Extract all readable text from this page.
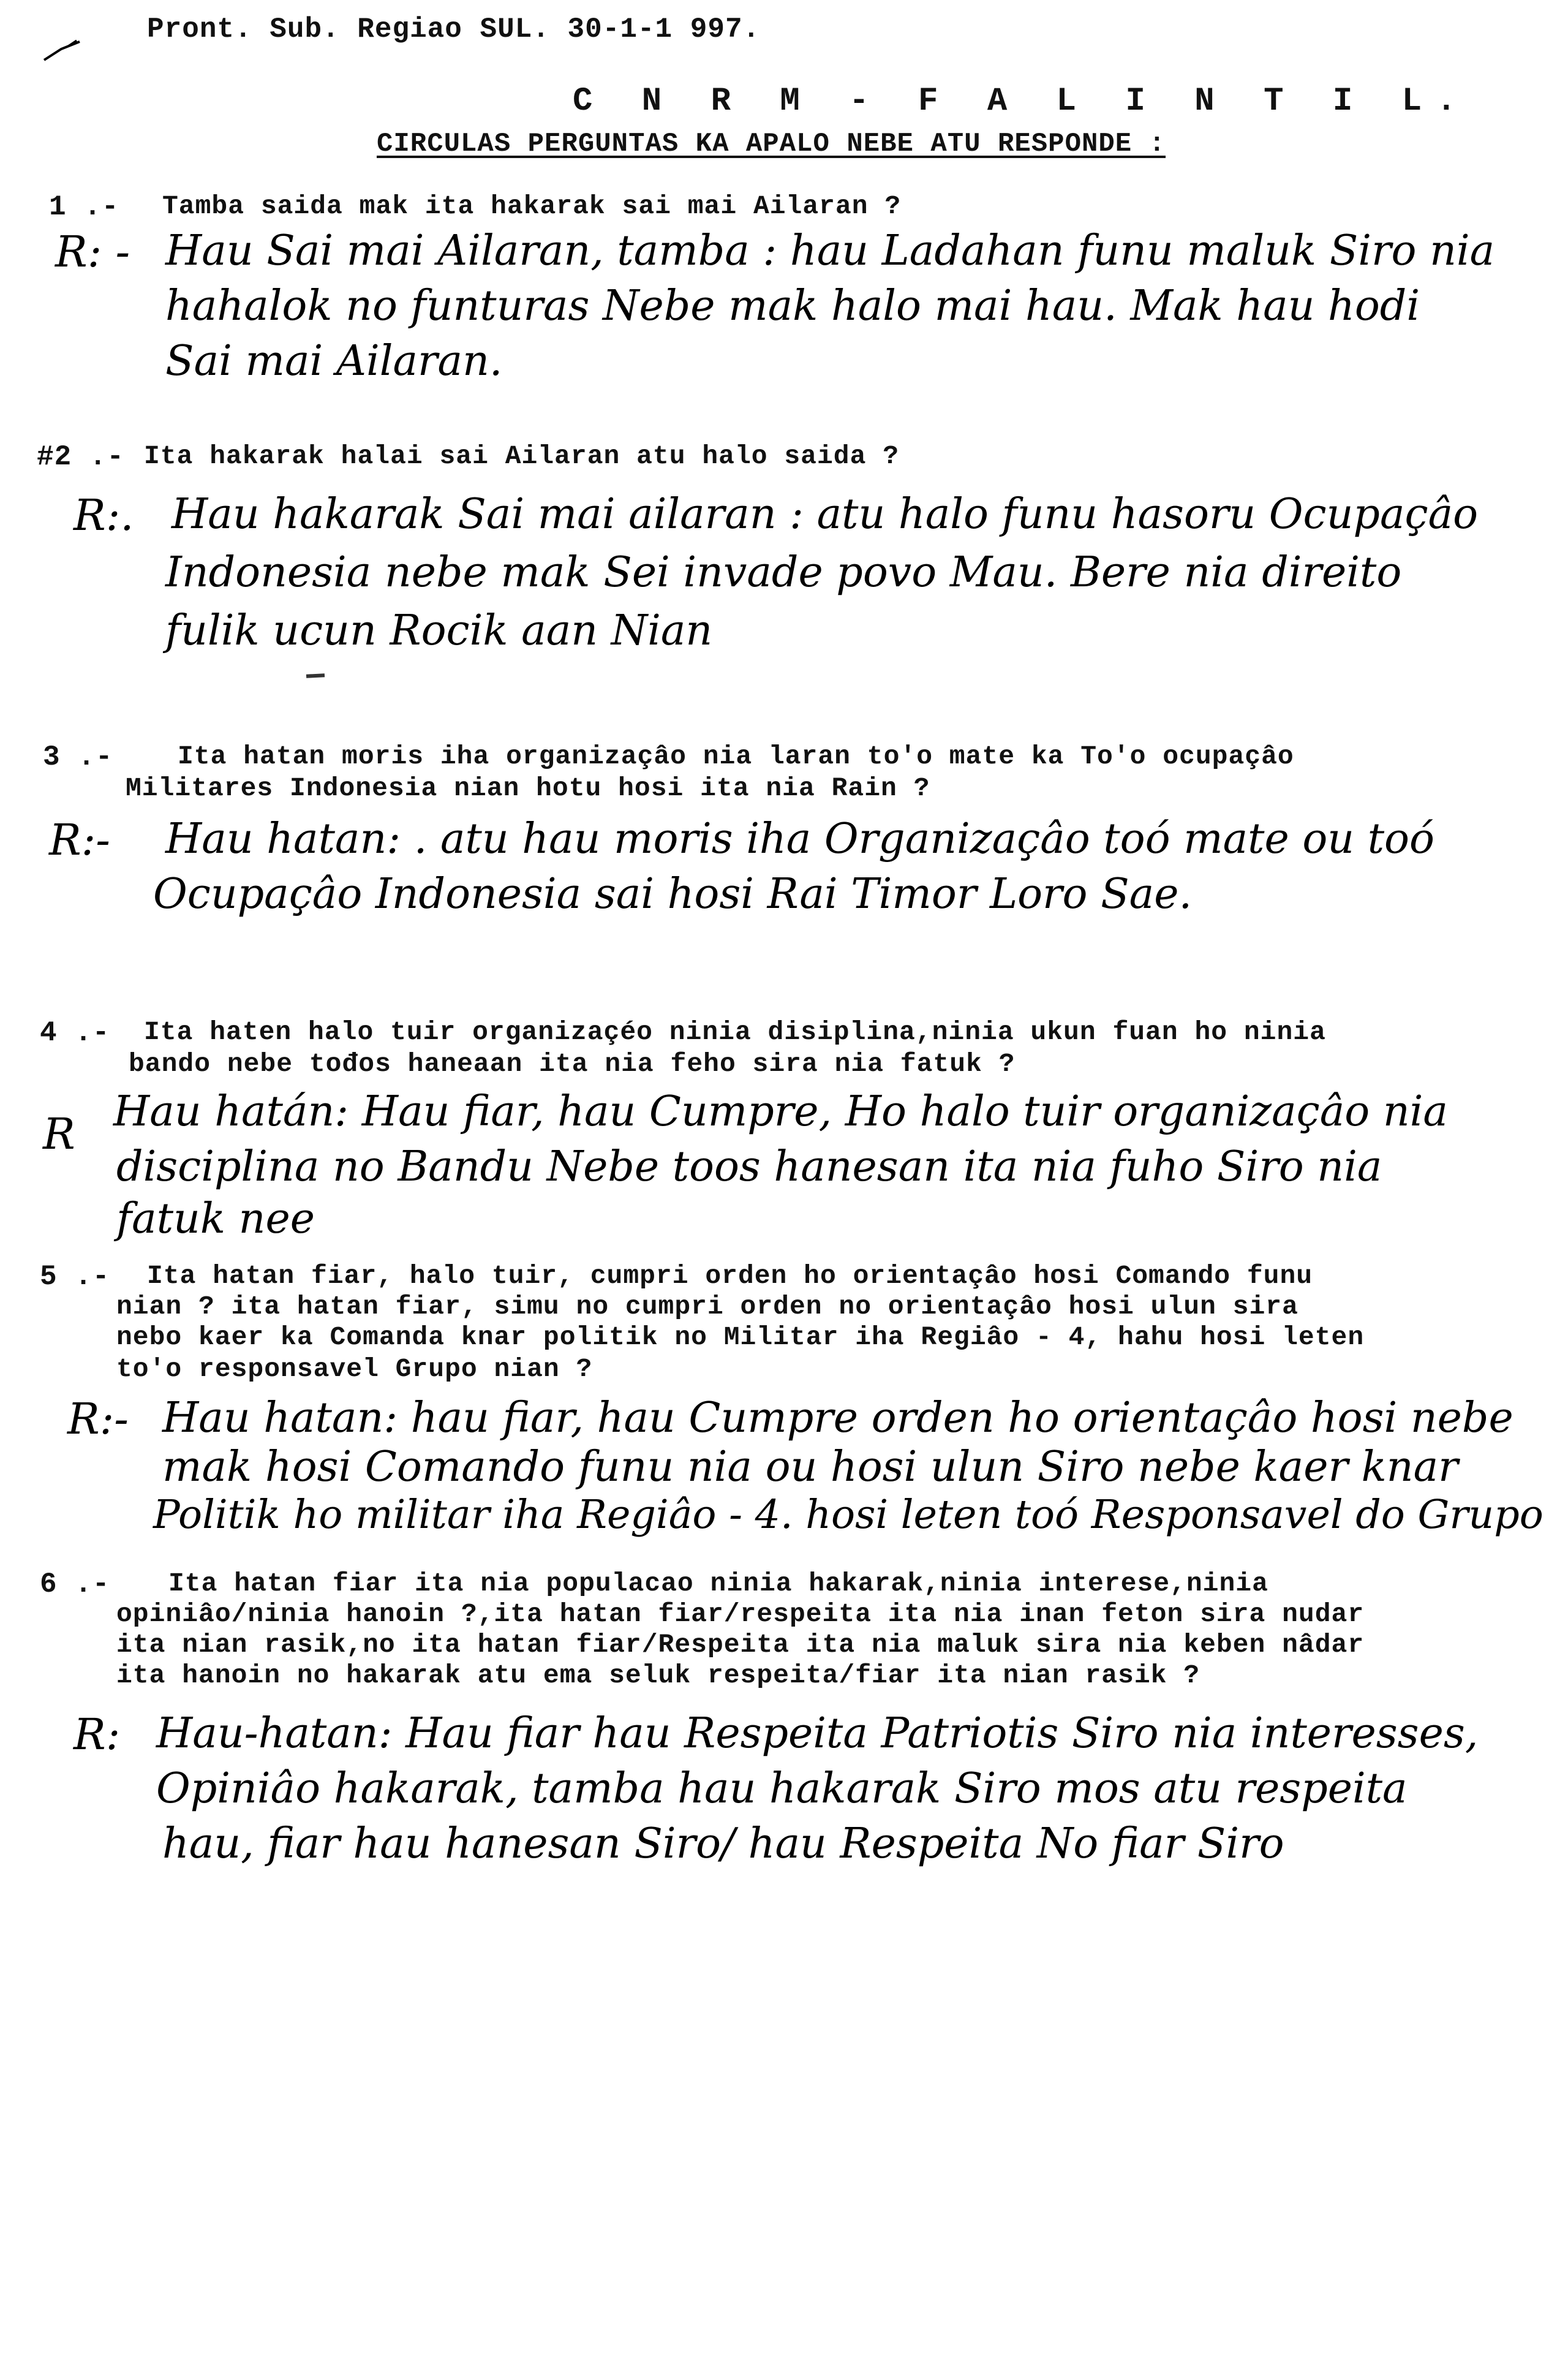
Pront. Sub. Regiao SUL. 30-1-1 997.
C N R M - F A L I N T I L.
CIRCULAS PERGUNTAS KA APALO NEBE ATU RESPONDE :
1 .- Tamba saida mak ita hakarak sai mai Ailaran ?
R: - Hau Sai mai Ailaran, tamba : hau Ladahan funu maluk Siro nia
hahalok no funturas Nebe mak halo mai hau. Mak hau hodi
Sai mai Ailaran.
#2 .- Ita hakarak halai sai Ailaran atu halo saida ?
R:. Hau hakarak Sai mai ailaran : atu halo funu hasoru Ocupaçâo
Indonesia nebe mak Sei invade povo Mau. Bere nia direito
fulik ucun Rocik aan Nian
3 .- Ita hatan moris iha organizaçâo nia laran to'o mate ka To'o ocupaçâo
Militares Indonesia nian hotu hosi ita nia Rain ?
R:- Hau hatan: . atu hau moris iha Organizaçâo toó mate ou toó
Ocupaçâo Indonesia sai hosi Rai Timor Loro Sae.
4 .- Ita haten halo tuir organizaçéo ninia disiplina,ninia ukun fuan ho ninia
bando nebe tođos haneaan ita nia feho sira nia fatuk ?
R Hau hatán: Hau fiar, hau Cumpre, Ho halo tuir organizaçâo nia
disciplina no Bandu Nebe toos hanesan ita nia fuho Siro nia
fatuk nee
5 .- Ita hatan fiar, halo tuir, cumpri orden ho orientaçâo hosi Comando funu
nian ? ita hatan fiar, simu no cumpri orden no orientaçâo hosi ulun sira
nebo kaer ka Comanda knar politik no Militar iha Regiâo - 4, hahu hosi leten
to'o responsavel Grupo nian ?
R:- Hau hatan: hau fiar, hau Cumpre orden ho orientaçâo hosi nebe
mak hosi Comando funu nia ou hosi ulun Siro nebe kaer knar
Politik ho militar iha Regiâo - 4. hosi leten toó Responsavel do Grupo
6 .- Ita hatan fiar ita nia populacao ninia hakarak,ninia interese,ninia
opiniâo/ninia hanoin ?,ita hatan fiar/respeita ita nia inan feton sira nudar
ita nian rasik,no ita hatan fiar/Respeita ita nia maluk sira nia keben nâdar
ita hanoin no hakarak atu ema seluk respeita/fiar ita nian rasik ?
R: Hau-hatan: Hau fiar hau Respeita Patriotis Siro nia interesses,
Opiniâo hakarak, tamba hau hakarak Siro mos atu respeita
hau, fiar hau hanesan Siro/ hau Respeita No fiar Siro
